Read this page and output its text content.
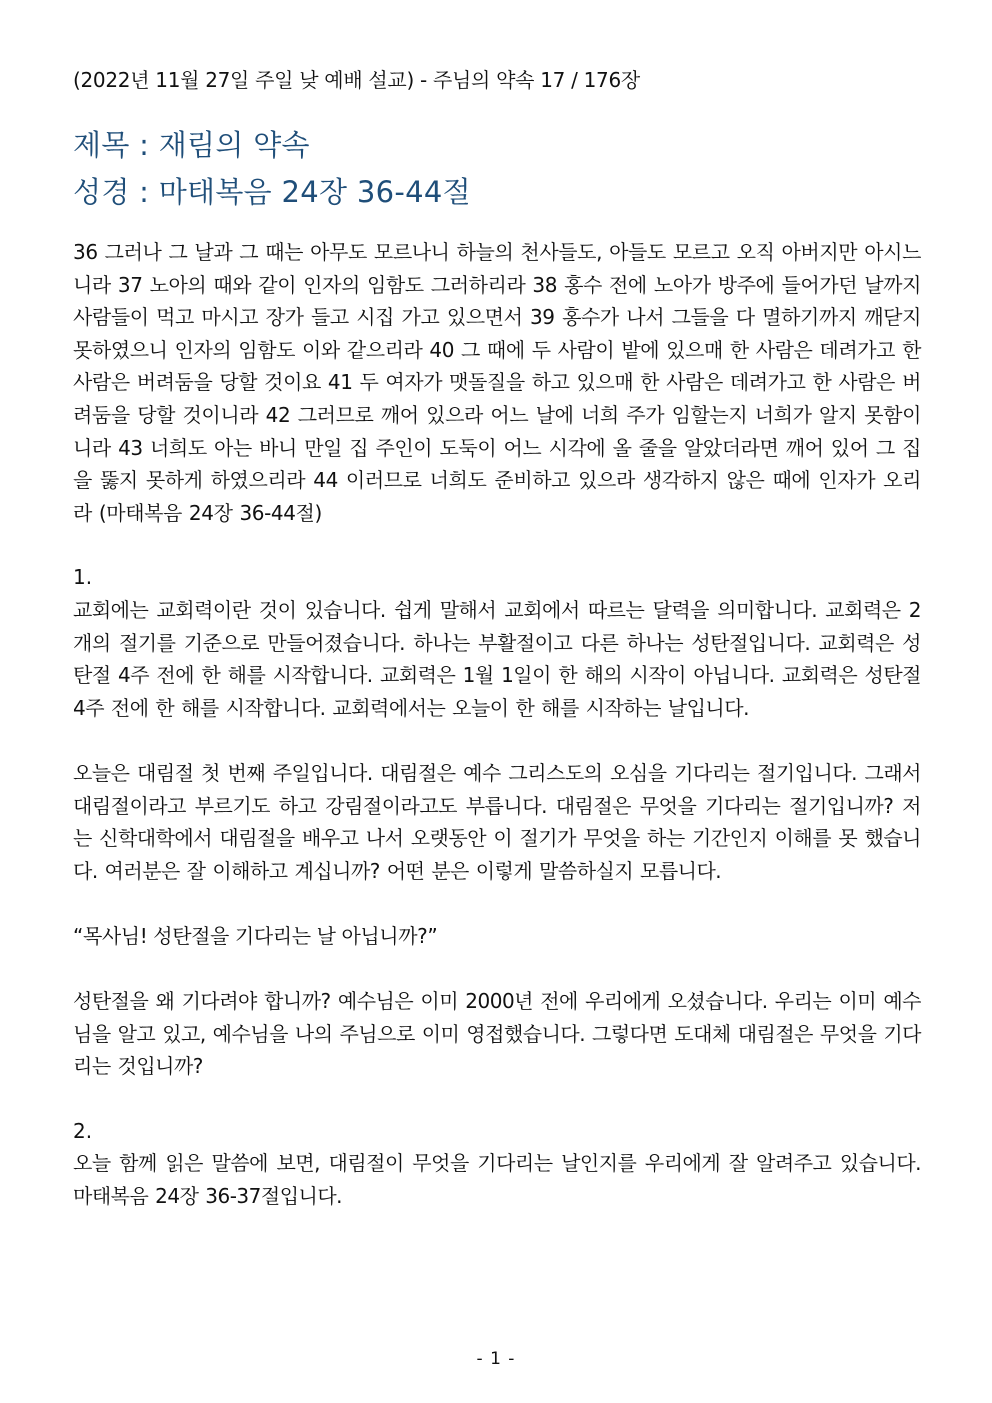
(2022년 11월 27일 주일 낮 예배 설교) - 주님의 약속 17 / 176장
제목 : 재림의 약속
성경 : 마태복음 24장 36-44절
36 그러나 그 날과 그 때는 아무도 모르나니 하늘의 천사들도, 아들도 모르고 오직 아버지만 아시느니라 37 노아의 때와 같이 인자의 임함도 그러하리라 38 홍수 전에 노아가 방주에 들어가던 날까지 사람들이 먹고 마시고 장가 들고 시집 가고 있으면서 39 홍수가 나서 그들을 다 멸하기까지 깨닫지 못하였으니 인자의 임함도 이와 같으리라 40 그 때에 두 사람이 밭에 있으매 한 사람은 데려가고 한 사람은 버려둠을 당할 것이요 41 두 여자가 맷돌질을 하고 있으매 한 사람은 데려가고 한 사람은 버려둠을 당할 것이니라 42 그러므로 깨어 있으라 어느 날에 너희 주가 임할는지 너희가 알지 못함이니라 43 너희도 아는 바니 만일 집 주인이 도둑이 어느 시각에 올 줄을 알았더라면 깨어 있어 그 집을 뚫지 못하게 하였으리라 44 이러므로 너희도 준비하고 있으라 생각하지 않은 때에 인자가 오리라 (마태복음 24장 36-44절)
1.

교회에는 교회력이란 것이 있습니다. 쉽게 말해서 교회에서 따르는 달력을 의미합니다. 교회력은 2개의 절기를 기준으로 만들어졌습니다. 하나는 부활절이고 다른 하나는 성탄절입니다. 교회력은 성탄절 4주 전에 한 해를 시작합니다. 교회력은 1월 1일이 한 해의 시작이 아닙니다. 교회력은 성탄절 4주 전에 한 해를 시작합니다. 교회력에서는 오늘이 한 해를 시작하는 날입니다.

오늘은 대림절 첫 번째 주일입니다. 대림절은 예수 그리스도의 오심을 기다리는 절기입니다. 그래서 대림절이라고 부르기도 하고 강림절이라고도 부릅니다. 대림절은 무엇을 기다리는 절기입니까? 저는 신학대학에서 대림절을 배우고 나서 오랫동안 이 절기가 무엇을 하는 기간인지 이해를 못 했습니다. 여러분은 잘 이해하고 계십니까? 어떤 분은 이렇게 말씀하실지 모릅니다.

“목사님! 성탄절을 기다리는 날 아닙니까?”

성탄절을 왜 기다려야 합니까? 예수님은 이미 2000년 전에 우리에게 오셨습니다. 우리는 이미 예수님을 알고 있고, 예수님을 나의 주님으로 이미 영접했습니다. 그렇다면 도대체 대림절은 무엇을 기다리는 것입니까?

2.

오늘 함께 읽은 말씀에 보면, 대림절이 무엇을 기다리는 날인지를 우리에게 잘 알려주고 있습니다. 마태복음 24장 36-37절입니다.

- 1 -
